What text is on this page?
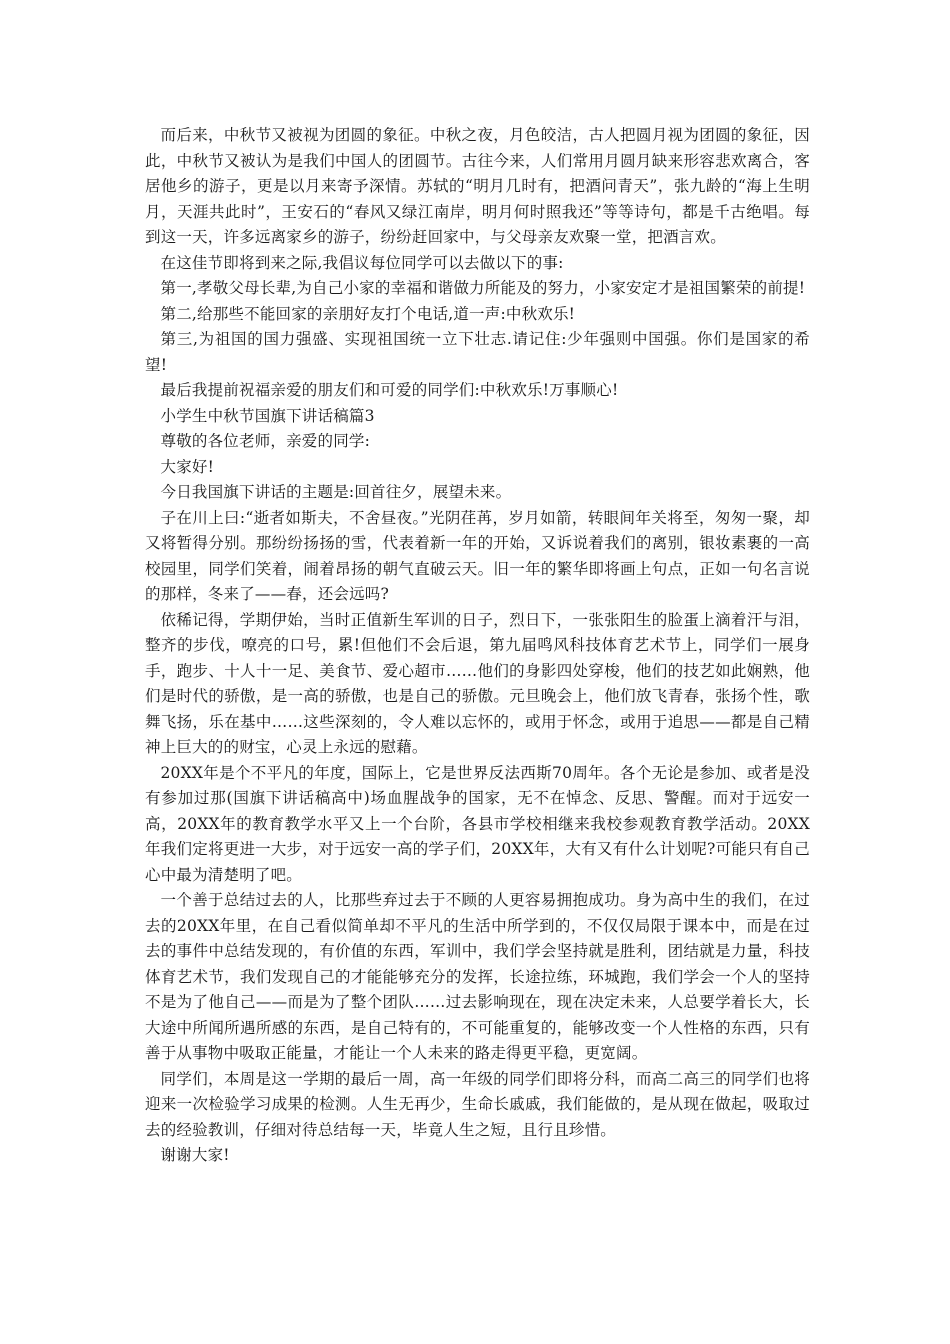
而后来，中秋节又被视为团圆的象征。中秋之夜，月色皎洁，古人把圆月视为团圆的象征，因此，中秋节又被认为是我们中国人的团圆节。古往今来，人们常用月圆月缺来形容悲欢离合，客居他乡的游子，更是以月来寄予深情。苏轼的“明月几时有，把酒问青天”，张九龄的“海上生明月，天涯共此时”，王安石的“春风又绿江南岸，明月何时照我还”等等诗句，都是千古绝唱。每到这一天，许多远离家乡的游子，纷纷赶回家中，与父母亲友欢聚一堂，把酒言欢。

在这佳节即将到来之际,我倡议每位同学可以去做以下的事:

第一,孝敬父母长辈,为自己小家的幸福和谐做力所能及的努力，小家安定才是祖国繁荣的前提!

第二,给那些不能回家的亲朋好友打个电话,道一声:中秋欢乐!

第三,为祖国的国力强盛、实现祖国统一立下壮志.请记住:少年强则中国强。你们是国家的希望!

最后我提前祝福亲爱的朋友们和可爱的同学们:中秋欢乐!万事顺心!

小学生中秋节国旗下讲话稿篇3

尊敬的各位老师，亲爱的同学:

大家好!

今日我国旗下讲话的主题是:回首往夕，展望未来。

子在川上曰:“逝者如斯夫，不舍昼夜。”光阴荏苒，岁月如箭，转眼间年关将至，匆匆一聚，却又将暂得分别。那纷纷扬扬的雪，代表着新一年的开始，又诉说着我们的离别，银妆素裹的一高校园里，同学们笑着，闹着昂扬的朝气直破云天。旧一年的繁华即将画上句点，正如一句名言说的那样，冬来了——春，还会远吗?

依稀记得，学期伊始，当时正值新生军训的日子，烈日下，一张张阳生的脸蛋上滴着汗与泪，整齐的步伐，嘹亮的口号，累!但他们不会后退，第九届鸣风科技体育艺术节上，同学们一展身手，跑步、十人十一足、美食节、爱心超市……他们的身影四处穿梭，他们的技艺如此娴熟，他们是时代的骄傲，是一高的骄傲，也是自己的骄傲。元旦晚会上，他们放飞青春，张扬个性，歌舞飞扬，乐在基中……这些深刻的，令人难以忘怀的，或用于怀念，或用于追思——都是自己精神上巨大的的财宝，心灵上永远的慰藉。

20XX年是个不平凡的年度，国际上，它是世界反法西斯70周年。各个无论是参加、或者是没有参加过那(国旗下讲话稿高中)场血腥战争的国家，无不在悼念、反思、警醒。而对于远安一高，20XX年的教育教学水平又上一个台阶，各县市学校相继来我校参观教育教学活动。20XX年我们定将更进一大步，对于远安一高的学子们，20XX年，大有又有什么计划呢?可能只有自己心中最为清楚明了吧。

一个善于总结过去的人，比那些弃过去于不顾的人更容易拥抱成功。身为高中生的我们，在过去的20XX年里，在自己看似简单却不平凡的生活中所学到的，不仅仅局限于课本中，而是在过去的事件中总结发现的，有价值的东西，军训中，我们学会坚持就是胜利，团结就是力量，科技体育艺术节，我们发现自己的才能能够充分的发挥，长途拉练，环城跑，我们学会一个人的坚持不是为了他自己——而是为了整个团队……过去影响现在，现在决定未来，人总要学着长大，长大途中所闻所遇所感的东西，是自己特有的，不可能重复的，能够改变一个人性格的东西，只有善于从事物中吸取正能量，才能让一个人未来的路走得更平稳，更宽阔。

同学们，本周是这一学期的最后一周，高一年级的同学们即将分科，而高二高三的同学们也将迎来一次检验学习成果的检测。人生无再少，生命长戚戚，我们能做的，是从现在做起，吸取过去的经验教训，仔细对待总结每一天，毕竟人生之短，且行且珍惜。

谢谢大家!
